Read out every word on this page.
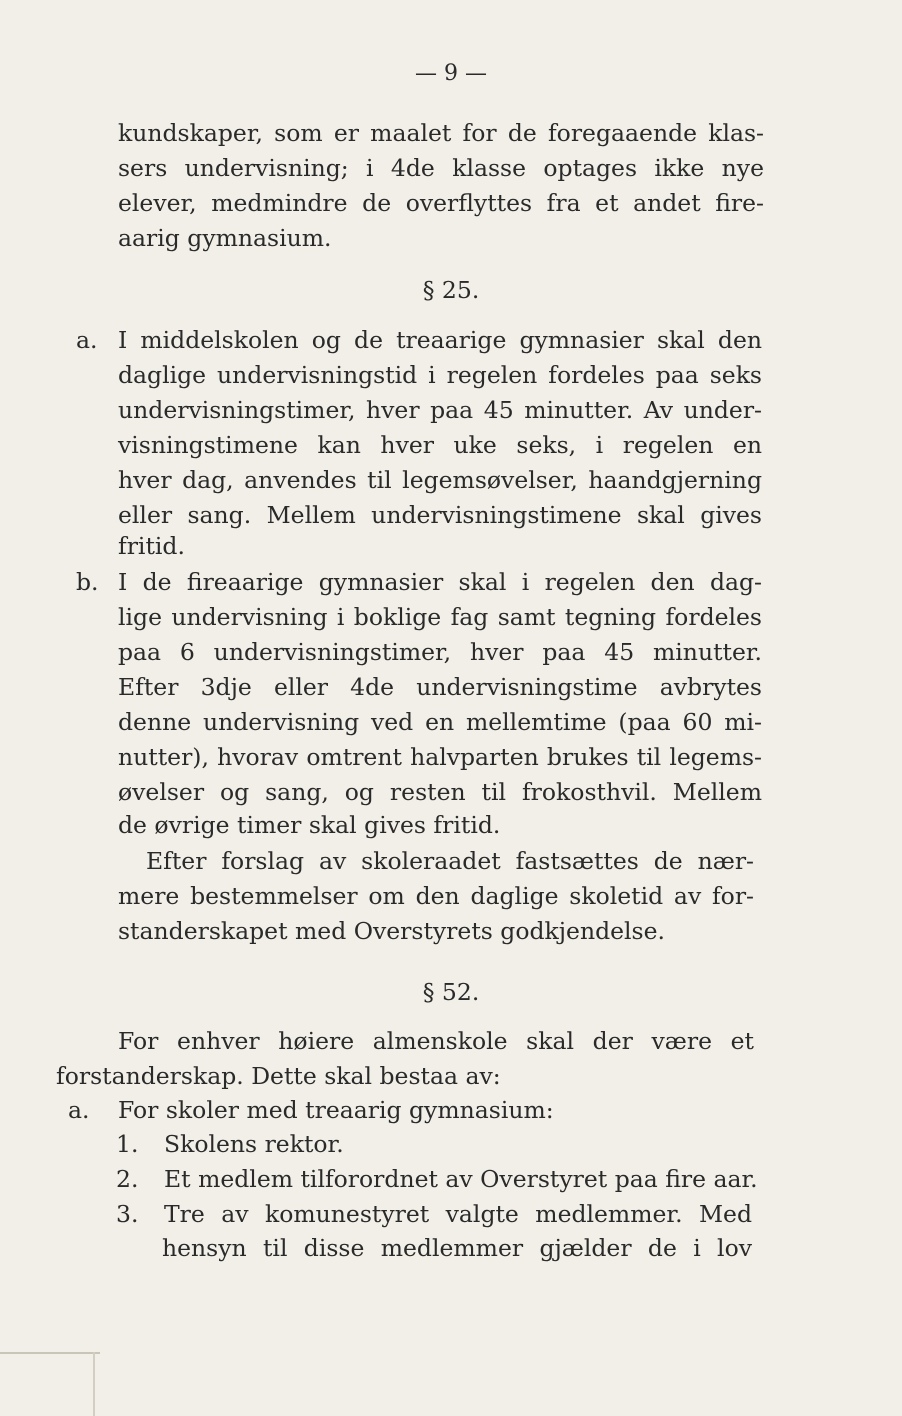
— 9 —
kundskaper, som er maalet for de foregaaende klas-
sers undervisning; i 4de klasse optages ikke nye
elever, medmindre de overflyttes fra et andet fire-
aarig gymnasium.
§ 25.
a. I middelskolen og de treaarige gymnasier skal den
daglige undervisningstid i regelen fordeles paa seks
undervisningstimer, hver paa 45 minutter. Av under-
visningstimene kan hver uke seks, i regelen en
hver dag, anvendes til legemsøvelser, haandgjerning
eller sang. Mellem undervisningstimene skal gives
fritid.
b. I de fireaarige gymnasier skal i regelen den dag-
lige undervisning i boklige fag samt tegning fordeles
paa 6 undervisningstimer, hver paa 45 minutter.
Efter 3dje eller 4de undervisningstime avbrytes
denne undervisning ved en mellemtime (paa 60 mi-
nutter), hvorav omtrent halvparten brukes til legems-
øvelser og sang, og resten til frokosthvil. Mellem
de øvrige timer skal gives fritid.
Efter forslag av skoleraadet fastsættes de nær-
mere bestemmelser om den daglige skoletid av for-
standerskapet med Overstyrets godkjendelse.
§ 52.
For enhver høiere almenskole skal der være et
forstanderskap. Dette skal bestaa av:
a. For skoler med treaarig gymnasium:
1. Skolens rektor.
2. Et medlem tilforordnet av Overstyret paa fire aar.
3. Tre av komunestyret valgte medlemmer. Med
hensyn til disse medlemmer gjælder de i lov
